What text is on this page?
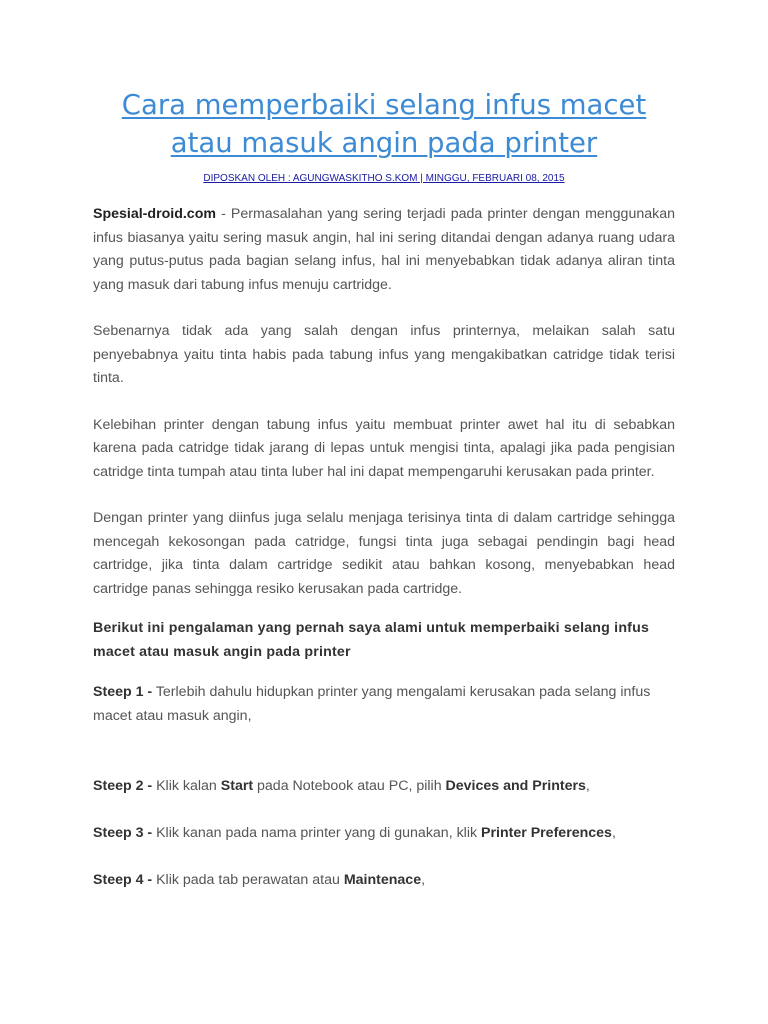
Cara memperbaiki selang infus macet atau masuk angin pada printer
DIPOSKAN OLEH : AGUNGWASKITHO S.KOM | MINGGU, FEBRUARI 08, 2015

Spesial-droid.com - Permasalahan yang sering terjadi pada printer dengan menggunakan infus biasanya yaitu sering masuk angin, hal ini sering ditandai dengan adanya ruang udara yang putus-putus pada bagian selang infus, hal ini menyebabkan tidak adanya aliran tinta yang masuk dari tabung infus menuju cartridge.

Sebenarnya tidak ada yang salah dengan infus printernya, melaikan salah satu penyebabnya yaitu tinta habis pada tabung infus yang mengakibatkan catridge tidak terisi tinta.

Kelebihan printer dengan tabung infus yaitu membuat printer awet hal itu di sebabkan karena pada catridge tidak jarang di lepas untuk mengisi tinta, apalagi jika pada pengisian catridge tinta tumpah atau tinta luber hal ini dapat mempengaruhi kerusakan pada printer.

Dengan printer yang diinfus juga selalu menjaga terisinya tinta di dalam cartridge sehingga mencegah kekosongan pada catridge, fungsi tinta juga sebagai pendingin bagi head cartridge, jika tinta dalam cartridge sedikit atau bahkan kosong, menyebabkan head cartridge panas sehingga resiko kerusakan pada cartridge.

Berikut ini pengalaman yang pernah saya alami untuk memperbaiki selang infus macet atau masuk angin pada printer

Steep 1 - Terlebih dahulu hidupkan printer yang mengalami kerusakan pada selang infus macet atau masuk angin,

Steep 2 - Klik kalan Start pada Notebook atau PC, pilih Devices and Printers,

Steep 3 - Klik kanan pada nama printer yang di gunakan, klik Printer Preferences,

Steep 4 - Klik pada tab perawatan atau Maintenace,
